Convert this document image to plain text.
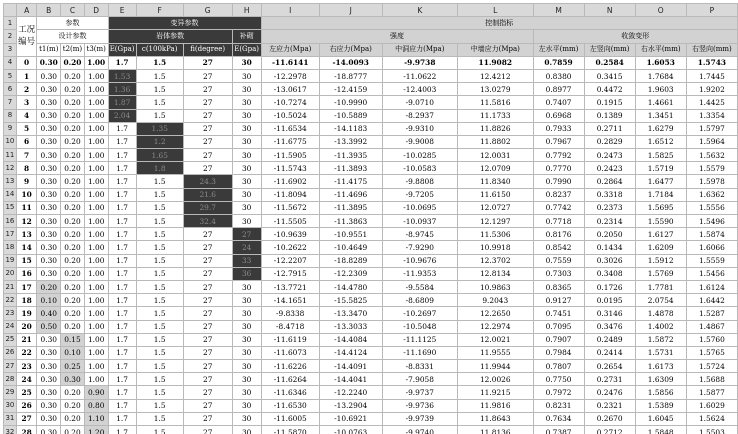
	A	B	C	D	E	F	G	H	I	J	K	L	M	N	O	P
1	工况
编号	参数			变异参数				控制指标							
2		设计参数			岩体参数			补砌	强度				收敛变形			
3		t1(m)	t2(m)	t3(m)	E(Gpa)	c(100kPa)	fi(degree)	E(Gpa)	左应力(Mpa)	右应力(Mpa)	中洞应力(Mpa)	中墙应力(Mpa)	左水平(mm)	左竖向(mm)	右水平(mm)	右竖向(mm)
4	0	0.30	0.20	1.00	1.7	1.5	27	30	-11.6141	-14.0093	-9.9738	11.9082	0.7859	0.2584	1.6053	1.5743
5	1	0.30	0.20	1.00	1.53	1.5	27	30	-12.2978	-18.8777	-11.0622	12.4212	0.8380	0.3415	1.7684	1.7445
6	2	0.30	0.20	1.00	1.36	1.5	27	30	-13.0617	-12.4159	-12.4003	13.0279	0.8977	0.4472	1.9603	1.9202
7	3	0.30	0.20	1.00	1.87	1.5	27	30	-10.7274	-10.9990	-9.0710	11.5816	0.7407	0.1915	1.4661	1.4425
8	4	0.30	0.20	1.00	2.04	1.5	27	30	-10.5024	-10.5889	-8.2937	11.1733	0.6968	0.1389	1.3451	1.3354
9	5	0.30	0.20	1.00	1.7	1.35	27	30	-11.6534	-14.1183	-9.9310	11.8826	0.7933	0.2711	1.6279	1.5797
10	6	0.30	0.20	1.00	1.7	1.2	27	30	-11.6775	-13.3992	-9.9008	11.8802	0.7967	0.2829	1.6512	1.5964
11	7	0.30	0.20	1.00	1.7	1.65	27	30	-11.5905	-11.3935	-10.0285	12.0031	0.7792	0.2473	1.5825	1.5632
12	8	0.30	0.20	1.00	1.7	1.8	27	30	-11.5743	-11.3893	-10.0583	12.0709	0.7770	0.2423	1.5719	1.5579
13	9	0.30	0.20	1.00	1.7	1.5	24.3	30	-11.6902	-11.4175	-9.8808	11.8340	0.7990	0.2864	1.6477	1.5978
14	10	0.30	0.20	1.00	1.7	1.5	21.6	30	-11.8094	-11.4696	-9.7205	11.6150	0.8237	0.3318	1.7184	1.6362
15	11	0.30	0.20	1.00	1.7	1.5	29.7	30	-11.5672	-11.3895	-10.0695	12.0727	0.7742	0.2373	1.5695	1.5556
16	12	0.30	0.20	1.00	1.7	1.5	32.4	30	-11.5505	-11.3863	-10.0937	12.1297	0.7718	0.2314	1.5590	1.5496
17	13	0.30	0.20	1.00	1.7	1.5	27	27	-10.9639	-10.9551	-8.9745	11.5306	0.8176	0.2050	1.6127	1.5874
18	14	0.30	0.20	1.00	1.7	1.5	27	24	-10.2622	-10.4649	-7.9290	10.9918	0.8542	0.1434	1.6209	1.6066
19	15	0.30	0.20	1.00	1.7	1.5	27	33	-12.2207	-18.8289	-10.9676	12.3702	0.7559	0.3026	1.5912	1.5559
20	16	0.30	0.20	1.00	1.7	1.5	27	36	-12.7915	-12.2309	-11.9353	12.8134	0.7303	0.3408	1.5769	1.5456
21	17	0.20	0.20	1.00	1.7	1.5	27	30	-13.7721	-14.4780	-9.5584	10.9863	0.8365	0.1726	1.7781	1.6124
22	18	0.10	0.20	1.00	1.7	1.5	27	30	-14.1651	-15.5825	-8.6809	9.2043	0.9127	0.0195	2.0754	1.6442
23	19	0.40	0.20	1.00	1.7	1.5	27	30	-9.8338	-13.3470	-10.2697	12.2650	0.7451	0.3146	1.4878	1.5287
24	20	0.50	0.20	1.00	1.7	1.5	27	30	-8.4718	-13.3033	-10.5048	12.2974	0.7095	0.3476	1.4002	1.4867
25	21	0.30	0.15	1.00	1.7	1.5	27	30	-11.6119	-14.4084	-11.1125	12.0021	0.7907	0.2489	1.5872	1.5760
26	22	0.30	0.10	1.00	1.7	1.5	27	30	-11.6073	-14.4124	-11.1690	11.9555	0.7984	0.2414	1.5731	1.5765
27	23	0.30	0.25	1.00	1.7	1.5	27	30	-11.6226	-14.4091	-8.8331	11.9944	0.7807	0.2654	1.6173	1.5724
28	24	0.30	0.30	1.00	1.7	1.5	27	30	-11.6264	-14.4041	-7.9058	12.0026	0.7750	0.2731	1.6309	1.5688
29	25	0.30	0.20	0.90	1.7	1.5	27	30	-11.6346	-12.2240	-9.9737	11.9215	0.7972	0.2476	1.5856	1.5877
30	26	0.30	0.20	0.80	1.7	1.5	27	30	-11.6530	-13.2904	-9.9736	11.9816	0.8231	0.2321	1.5389	1.6029
31	27	0.30	0.20	1.10	1.7	1.5	27	30	-11.6005	-10.6921	-9.9739	11.8643	0.7634	0.2670	1.6045	1.5624
32	28	0.30	0.20	1.20	1.7	1.5	27	30	-11.5870	-10.0763	-9.9740	11.8136	0.7387	0.2712	1.5848	1.5503
